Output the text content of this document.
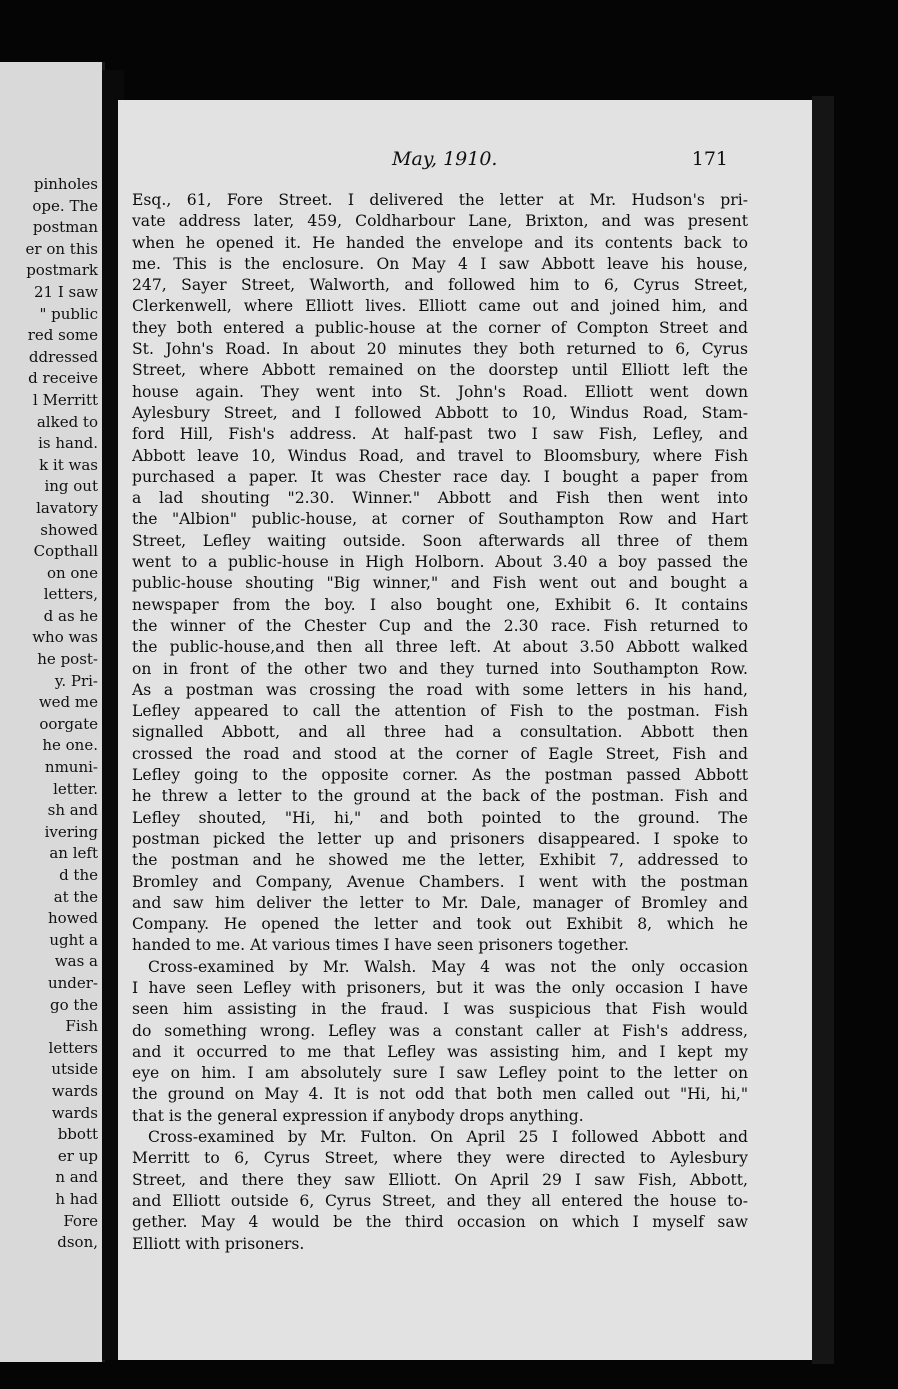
pinholes
ope. The
postman
er on this
postmark
21 I saw
" public
red some
ddressed
d receive
l Merritt
alked to
is hand.
k it was
ing out
lavatory
showed
Copthall
on one
letters,
d as he
who was
he post-
y. Pri-
wed me
oorgate
he one.
nmuni-
letter.
sh and
ivering
an left
d the
at the
howed
ught a
was a
under-
go the
Fish
letters
utside
wards
wards
bbott
er up
n and
h had
Fore
dson,
May, 1910.	171

Esq., 61, Fore Street. I delivered the letter at Mr. Hudson's pri-
vate address later, 459, Coldharbour Lane, Brixton, and was present
when he opened it. He handed the envelope and its contents back to
me. This is the enclosure. On May 4 I saw Abbott leave his house,
247, Sayer Street, Walworth, and followed him to 6, Cyrus Street,
Clerkenwell, where Elliott lives. Elliott came out and joined him, and
they both entered a public-house at the corner of Compton Street and
St. John's Road. In about 20 minutes they both returned to 6, Cyrus
Street, where Abbott remained on the doorstep until Elliott left the
house again. They went into St. John's Road. Elliott went down
Aylesbury Street, and I followed Abbott to 10, Windus Road, Stam-
ford Hill, Fish's address. At half-past two I saw Fish, Lefley, and
Abbott leave 10, Windus Road, and travel to Bloomsbury, where Fish
purchased a paper. It was Chester race day. I bought a paper from
a lad shouting "2.30. Winner." Abbott and Fish then went into
the "Albion" public-house, at corner of Southampton Row and Hart
Street, Lefley waiting outside. Soon afterwards all three of them
went to a public-house in High Holborn. About 3.40 a boy passed the
public-house shouting "Big winner," and Fish went out and bought a
newspaper from the boy. I also bought one, Exhibit 6. It contains
the winner of the Chester Cup and the 2.30 race. Fish returned to
the public-house,and then all three left. At about 3.50 Abbott walked
on in front of the other two and they turned into Southampton Row.
As a postman was crossing the road with some letters in his hand,
Lefley appeared to call the attention of Fish to the postman. Fish
signalled Abbott, and all three had a consultation. Abbott then
crossed the road and stood at the corner of Eagle Street, Fish and
Lefley going to the opposite corner. As the postman passed Abbott
he threw a letter to the ground at the back of the postman. Fish and
Lefley shouted, "Hi, hi," and both pointed to the ground. The
postman picked the letter up and prisoners disappeared. I spoke to
the postman and he showed me the letter, Exhibit 7, addressed to
Bromley and Company, Avenue Chambers. I went with the postman
and saw him deliver the letter to Mr. Dale, manager of Bromley and
Company. He opened the letter and took out Exhibit 8, which he
handed to me. At various times I have seen prisoners together.

Cross-examined by Mr. Walsh. May 4 was not the only occasion
I have seen Lefley with prisoners, but it was the only occasion I have
seen him assisting in the fraud. I was suspicious that Fish would
do something wrong. Lefley was a constant caller at Fish's address,
and it occurred to me that Lefley was assisting him, and I kept my
eye on him. I am absolutely sure I saw Lefley point to the letter on
the ground on May 4. It is not odd that both men called out "Hi, hi,"
that is the general expression if anybody drops anything.

Cross-examined by Mr. Fulton. On April 25 I followed Abbott and
Merritt to 6, Cyrus Street, where they were directed to Aylesbury
Street, and there they saw Elliott. On April 29 I saw Fish, Abbott,
and Elliott outside 6, Cyrus Street, and they all entered the house to-
gether. May 4 would be the third occasion on which I myself saw
Elliott with prisoners.
